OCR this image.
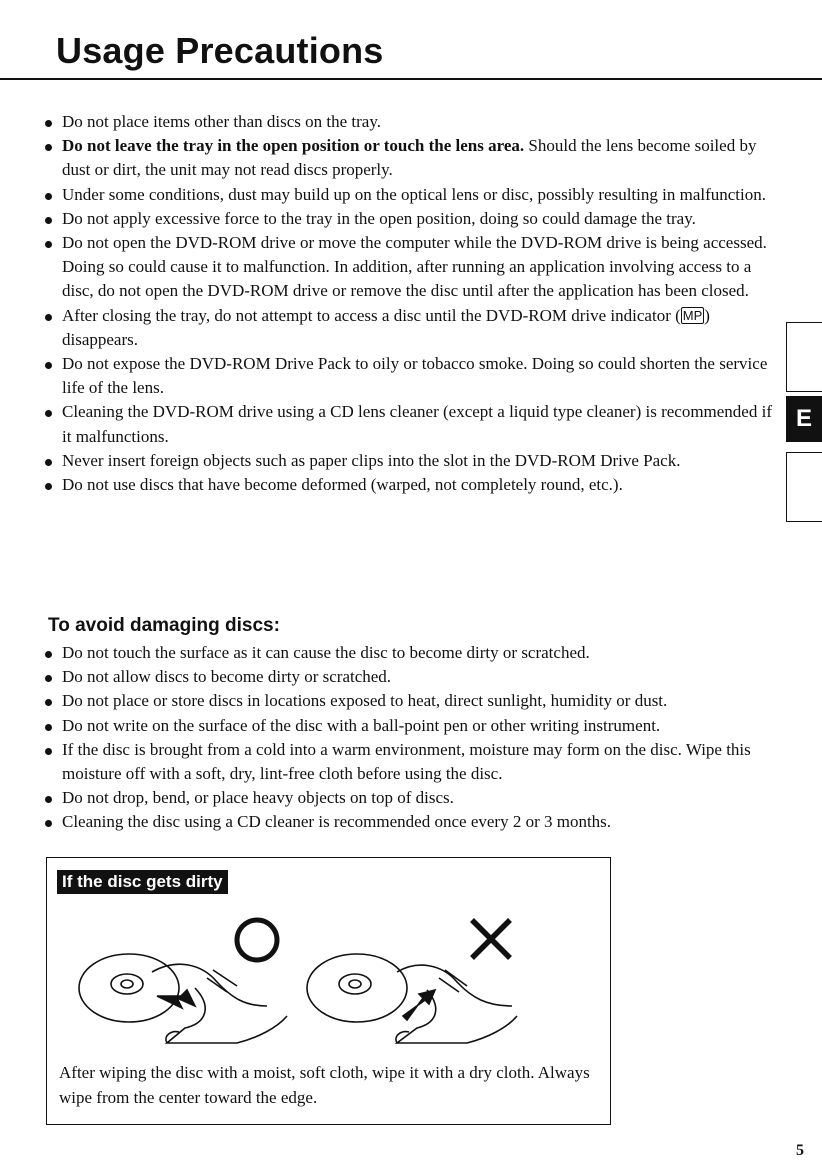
Usage Precautions
Do not place items other than discs on the tray.
Do not leave the tray in the open position or touch the lens area. Should the lens become soiled by dust or dirt, the unit may not read discs properly.
Under some conditions, dust may build up on the optical lens or disc, possibly resulting in malfunction.
Do not apply excessive force to the tray in the open position, doing so could damage the tray.
Do not open the DVD-ROM drive or move the computer while the DVD-ROM drive is being accessed. Doing so could cause it to malfunction. In addition, after running an application involving access to a disc, do not open the DVD-ROM drive or remove the disc until after the application has been closed.
After closing the tray, do not attempt to access a disc until the DVD-ROM drive indicator ( MP ) disappears.
Do not expose the DVD-ROM Drive Pack to oily or tobacco smoke. Doing so could shorten the service life of the lens.
Cleaning the DVD-ROM drive using a CD lens cleaner (except a liquid type cleaner) is recommended if it malfunctions.
Never insert foreign objects such as paper clips into the slot in the DVD-ROM Drive Pack.
Do not use discs that have become deformed (warped, not completely round, etc.).
To avoid damaging discs:
Do not touch the surface as it can cause the disc to become dirty or scratched.
Do not allow discs to become dirty or scratched.
Do not place or store discs in locations exposed to heat, direct sunlight, humidity or dust.
Do not write on the surface of the disc with a ball-point pen or other writing instrument.
If the disc is brought from a cold into a warm environment, moisture may form on the disc. Wipe this moisture off with a soft, dry, lint-free cloth before using the disc.
Do not drop, bend, or place heavy objects on top of discs.
Cleaning the disc using a CD cleaner is recommended once every 2 or 3 months.
E
If the disc gets dirty
After wiping the disc with a moist, soft cloth, wipe it with a dry cloth. Always wipe from the center toward the edge.
5
